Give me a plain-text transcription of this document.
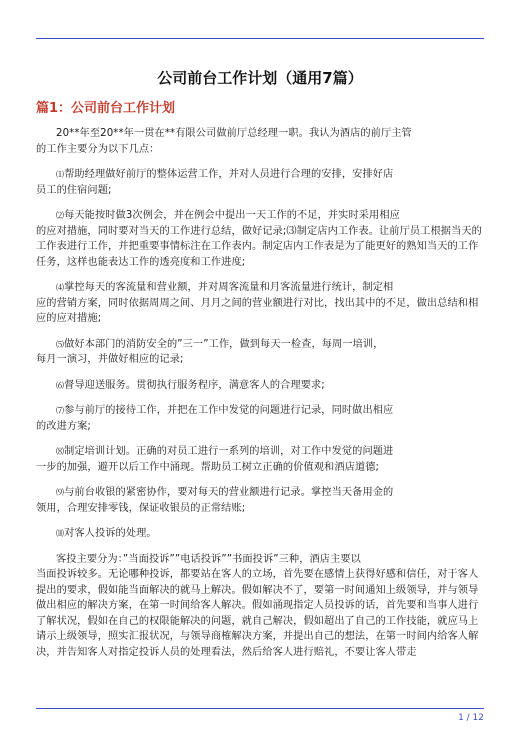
公司前台工作计划（通用7篇）
篇1：公司前台工作计划

20**年至20**年一贯在**有限公司做前厅总经理一职。我认为酒店的前厅主管
的工作主要分为以下几点：

⑴帮助经理做好前厅的整体运营工作，并对人员进行合理的安排，安排好店
员工的住宿问题;

⑵每天能按时做3次例会，并在例会中提出一天工作的不足，并实时采用相应
的应对措施，同时要对当天的工作进行总结，做好记录;⑶制定店内工作表。让前厅员工根据当天的工作表进行工作，并把重要事情标注在工作表内。制定店内工作表是为了能更好的熟知当天的工作任务，这样也能表达工作的透亮度和工作进度;

⑷掌控每天的客流量和营业额，并对周客流量和月客流量进行统计，制定相
应的营销方案，同时依据周周之间、月月之间的营业额进行对比，找出其中的不足，做出总结和相应的应对措施;

⑸做好本部门的消防安全的”三一”工作，做到每天一检查，每周一培训，
每月一演习，并做好相应的记录;

⑹督导迎送服务。贯彻执行服务程序，满意客人的合理要求;

⑺参与前厅的接待工作，并把在工作中发觉的问题进行记录，同时做出相应
的改进方案;

⑻制定培训计划。正确的对员工进行一系列的培训，对工作中发觉的问题进
一步的加强，避开以后工作中涌现。帮助员工树立正确的价值观和酒店道德;

⑼与前台收银的紧密协作，要对每天的营业额进行记录。掌控当天备用金的
领用，合理安排零钱，保证收银员的正常结账;

⑽对客人投诉的处理。

客投主要分为：”当面投诉””电话投诉””书面投诉”三种，酒店主要以
当面投诉较多。无论哪种投诉，都要站在客人的立场，首先要在感情上获得好感和信任，对于客人提出的要求，假如能当面解决的就马上解决。假如解决不了，要第一时间通知上级领导，并与领导做出相应的解决方案，在第一时间给客人解决。假如涌现指定人员投诉的话，首先要和当事人进行了解状况，假如在自己的权限能解决的问题，就自己解决，假如超出了自己的工作技能，就应马上请示上级领导，照实汇报状况，与领导商榷解决方案，并提出自己的想法，在第一时间内给客人解决，并告知客人对指定投诉人员的处理看法，然后给客人进行赔礼，不要让客人带走

1 / 12
